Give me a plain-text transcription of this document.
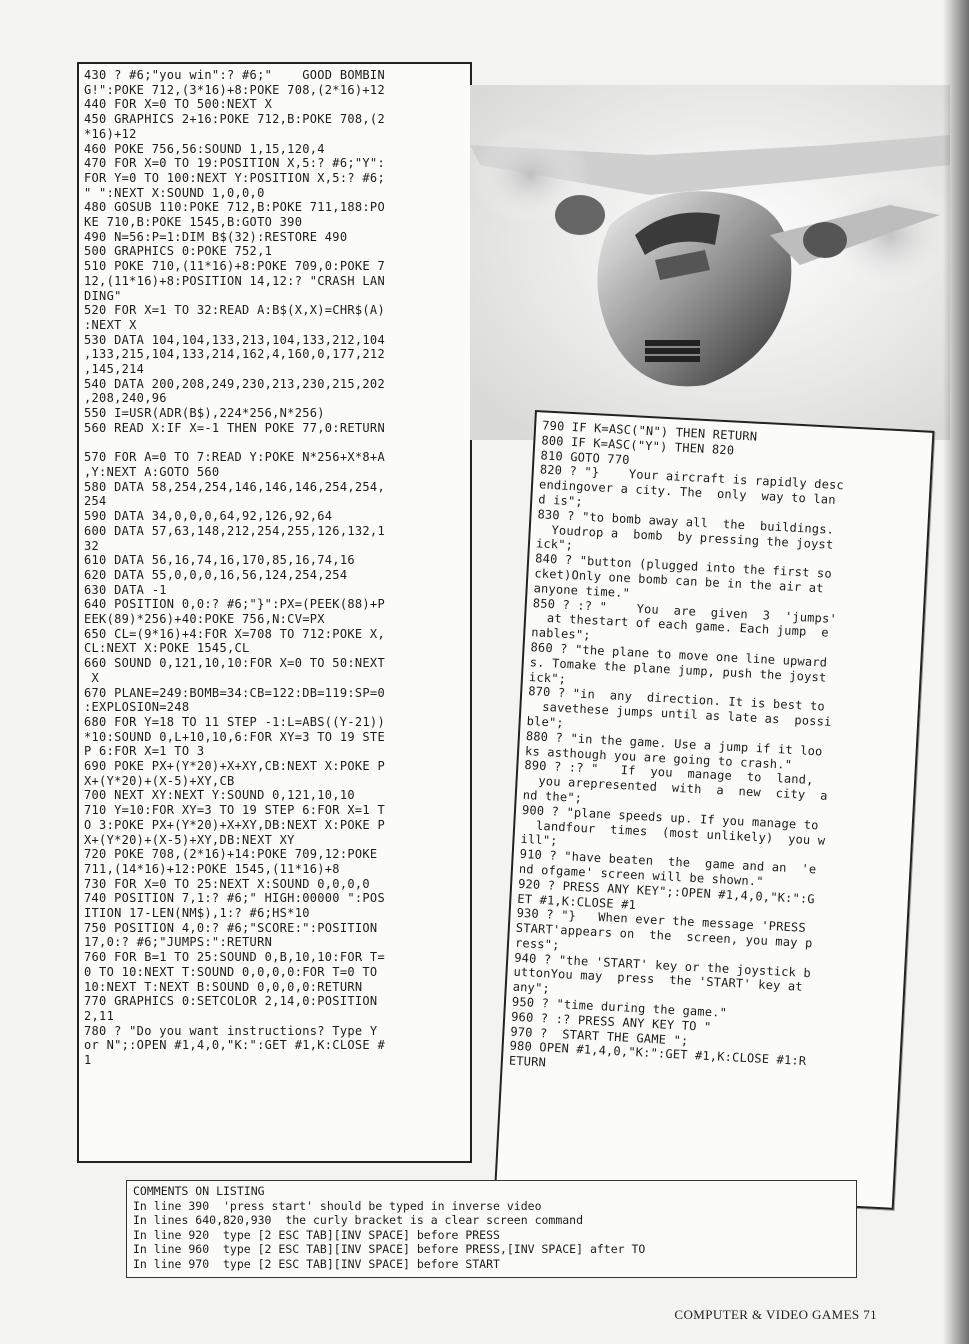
430 ? #6;"you win":? #6;"    GOOD BOMBIN
G!":POKE 712,(3*16)+8:POKE 708,(2*16)+12
440 FOR X=0 TO 500:NEXT X
450 GRAPHICS 2+16:POKE 712,B:POKE 708,(2
*16)+12
460 POKE 756,56:SOUND 1,15,120,4
470 FOR X=0 TO 19:POSITION X,5:? #6;"Y":
FOR Y=0 TO 100:NEXT Y:POSITION X,5:? #6;
" ":NEXT X:SOUND 1,0,0,0
480 GOSUB 110:POKE 712,B:POKE 711,188:PO
KE 710,B:POKE 1545,B:GOTO 390
490 N=56:P=1:DIM B$(32):RESTORE 490
500 GRAPHICS 0:POKE 752,1
510 POKE 710,(11*16)+8:POKE 709,0:POKE 7
12,(11*16)+8:POSITION 14,12:? "CRASH LAN
DING"
520 FOR X=1 TO 32:READ A:B$(X,X)=CHR$(A)
:NEXT X
530 DATA 104,104,133,213,104,133,212,104
,133,215,104,133,214,162,4,160,0,177,212
,145,214
540 DATA 200,208,249,230,213,230,215,202
,208,240,96
550 I=USR(ADR(B$),224*256,N*256)
560 READ X:IF X=-1 THEN POKE 77,0:RETURN

570 FOR A=0 TO 7:READ Y:POKE N*256+X*8+A
,Y:NEXT A:GOTO 560
580 DATA 58,254,254,146,146,146,254,254,
254
590 DATA 34,0,0,0,64,92,126,92,64
600 DATA 57,63,148,212,254,255,126,132,1
32
610 DATA 56,16,74,16,170,85,16,74,16
620 DATA 55,0,0,0,16,56,124,254,254
630 DATA -1
640 POSITION 0,0:? #6;"}":PX=(PEEK(88)+P
EEK(89)*256)+40:POKE 756,N:CV=PX
650 CL=(9*16)+4:FOR X=708 TO 712:POKE X,
CL:NEXT X:POKE 1545,CL
660 SOUND 0,121,10,10:FOR X=0 TO 50:NEXT
X
670 PLANE=249:BOMB=34:CB=122:DB=119:SP=0
:EXPLOSION=248
680 FOR Y=18 TO 11 STEP -1:L=ABS((Y-21))
*10:SOUND 0,L+10,10,6:FOR XY=3 TO 19 STE
P 6:FOR X=1 TO 3
690 POKE PX+(Y*20)+X+XY,CB:NEXT X:POKE P
X+(Y*20)+(X-5)+XY,CB
700 NEXT XY:NEXT Y:SOUND 0,121,10,10
710 Y=10:FOR XY=3 TO 19 STEP 6:FOR X=1 T
O 3:POKE PX+(Y*20)+X+XY,DB:NEXT X:POKE P
X+(Y*20)+(X-5)+XY,DB:NEXT XY
720 POKE 708,(2*16)+14:POKE 709,12:POKE
711,(14*16)+12:POKE 1545,(11*16)+8
730 FOR X=0 TO 25:NEXT X:SOUND 0,0,0,0
740 POSITION 7,1:? #6;" HIGH:00000 ":POS
ITION 17-LEN(NM$),1:? #6;HS*10
750 POSITION 4,0:? #6;"SCORE:":POSITION
17,0:? #6;"JUMPS:":RETURN
760 FOR B=1 TO 25:SOUND 0,B,10,10:FOR T=
0 TO 10:NEXT T:SOUND 0,0,0,0:FOR T=0 TO
10:NEXT T:NEXT B:SOUND 0,0,0,0:RETURN
770 GRAPHICS 0:SETCOLOR 2,14,0:POSITION
2,11
780 ? "Do you want instructions? Type Y
or N";:OPEN #1,4,0,"K:":GET #1,K:CLOSE #
1
790 IF K=ASC("N") THEN RETURN
800 IF K=ASC("Y") THEN 820
810 GOTO 770
820 ? "}    Your aircraft is rapidly desc
endingover a city. The  only  way to lan
d is";
830 ? "to bomb away all  the  buildings.
Youdrop a  bomb  by pressing the joyst
ick";
840 ? "button (plugged into the first so
cket)Only one bomb can be in the air at
anyone time."
850 ? :? "    You  are  given  3  'jumps'
at thestart of each game. Each jump  e
nables";
860 ? "the plane to move one line upward
s. Tomake the plane jump, push the joyst
ick";
870 ? "in  any  direction. It is best to
savethese jumps until as late as  possi
ble";
880 ? "in the game. Use a jump if it loo
ks asthough you are going to crash."
890 ? :? "   If  you  manage  to  land,
you arepresented  with  a  new  city  a
nd the";
900 ? "plane speeds up. If you manage to
landfour  times  (most unlikely)  you w
ill";
910 ? "have beaten  the  game and an  'e
nd ofgame' screen will be shown."
920 ? PRESS ANY KEY";:OPEN #1,4,0,"K:":G
ET #1,K:CLOSE #1
930 ? "}   When ever the message 'PRESS
START'appears on  the  screen, you may p
ress";
940 ? "the 'START' key or the joystick b
uttonYou may  press  the 'START' key at
any";
950 ? "time during the game."
960 ? :? PRESS ANY KEY TO "
970 ?  START THE GAME ";
980 OPEN #1,4,0,"K:":GET #1,K:CLOSE #1:R
ETURN
COMMENTS ON LISTING
In line 390  'press start' should be typed in inverse video
In lines 640,820,930  the curly bracket is a clear screen command
In line 920  type [2 ESC TAB][INV SPACE] before PRESS
In line 960  type [2 ESC TAB][INV SPACE] before PRESS,[INV SPACE] after TO
In line 970  type [2 ESC TAB][INV SPACE] before START
COMPUTER & VIDEO GAMES 71
